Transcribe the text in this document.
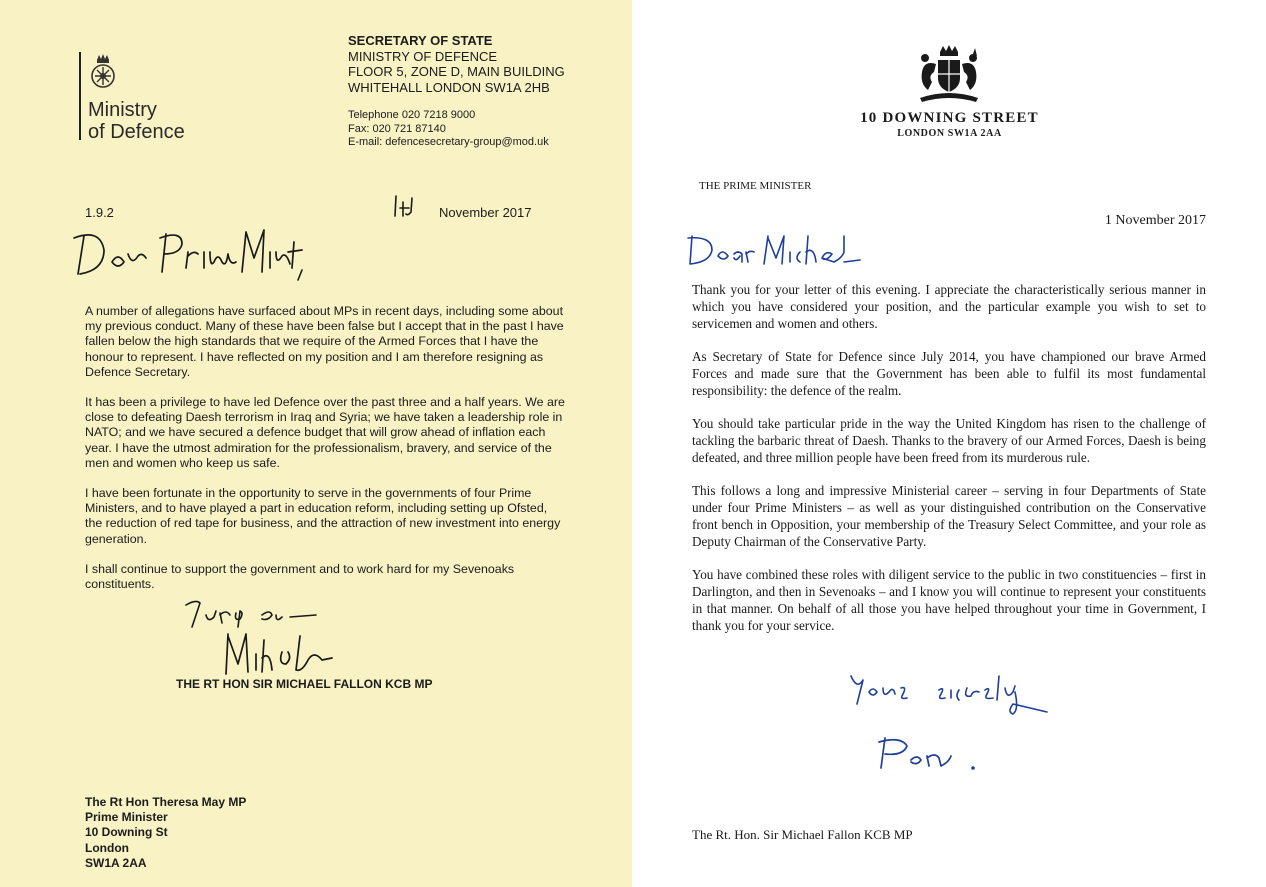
Ministry
of Defence
SECRETARY OF STATE
MINISTRY OF DEFENCE
FLOOR 5, ZONE D, MAIN BUILDING
WHITEHALL LONDON SW1A 2HB
Telephone 020 7218 9000
Fax: 020 721 87140
E-mail: defencesecretary-group@mod.uk
1.9.2	November 2017

A number of allegations have surfaced about MPs in recent days, including some about my previous conduct. Many of these have been false but I accept that in the past I have fallen below the high standards that we require of the Armed Forces that I have the honour to represent. I have reflected on my position and I am therefore resigning as Defence Secretary.

It has been a privilege to have led Defence over the past three and a half years. We are close to defeating Daesh terrorism in Iraq and Syria; we have taken a leadership role in NATO; and we have secured a defence budget that will grow ahead of inflation each year. I have the utmost admiration for the professionalism, bravery, and service of the men and women who keep us safe.

I have been fortunate in the opportunity to serve in the governments of four Prime Ministers, and to have played a part in education reform, including setting up Ofsted, the reduction of red tape for business, and the attraction of new investment into energy generation.

I shall continue to support the government and to work hard for my Sevenoaks constituents.

THE RT HON SIR MICHAEL FALLON KCB MP
The Rt Hon Theresa May MP
Prime Minister
10 Downing St
London
SW1A 2AA
10 DOWNING STREET
LONDON SW1A 2AA
THE PRIME MINISTER
1 November 2017

Thank you for your letter of this evening. I appreciate the characteristically serious manner in which you have considered your position, and the particular example you wish to set to servicemen and women and others.

As Secretary of State for Defence since July 2014, you have championed our brave Armed Forces and made sure that the Government has been able to fulfil its most fundamental responsibility: the defence of the realm.

You should take particular pride in the way the United Kingdom has risen to the challenge of tackling the barbaric threat of Daesh. Thanks to the bravery of our Armed Forces, Daesh is being defeated, and three million people have been freed from its murderous rule.

This follows a long and impressive Ministerial career – serving in four Departments of State under four Prime Ministers – as well as your distinguished contribution on the Conservative front bench in Opposition, your membership of the Treasury Select Committee, and your role as Deputy Chairman of the Conservative Party.

You have combined these roles with diligent service to the public in two constituencies – first in Darlington, and then in Sevenoaks – and I know you will continue to represent your constituents in that manner. On behalf of all those you have helped throughout your time in Government, I thank you for your service.

The Rt. Hon. Sir Michael Fallon KCB MP
